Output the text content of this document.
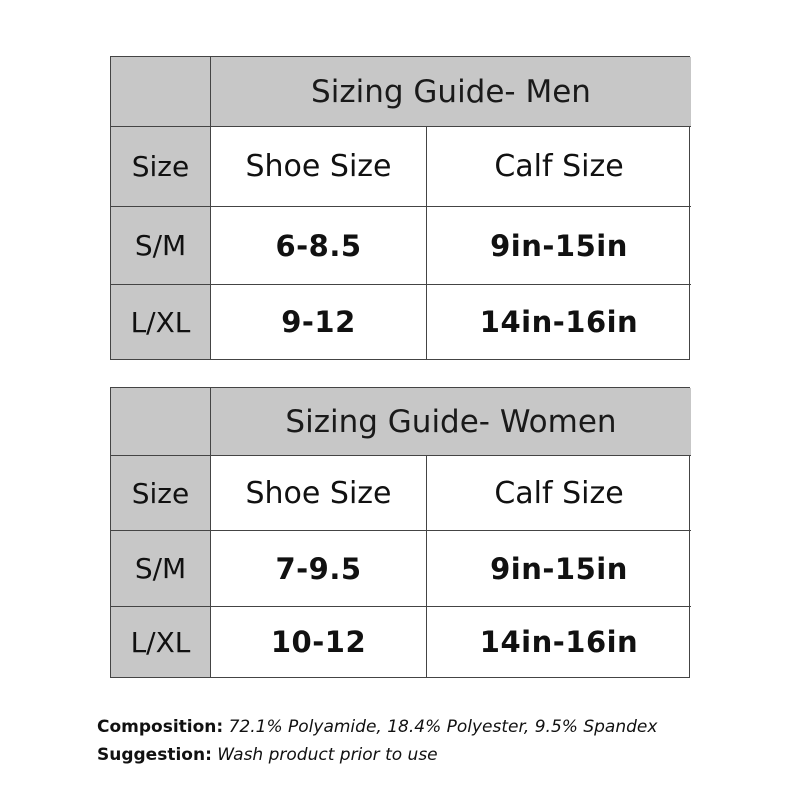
Sizing Guide- Men
Size	Shoe Size	Calf Size
S/M	6-8.5	9in-15in
L/XL	9-12	14in-16in
Sizing Guide- Women
Size	Shoe Size	Calf Size
S/M	7-9.5	9in-15in
L/XL	10-12	14in-16in
Composition: 72.1% Polyamide, 18.4% Polyester, 9.5% Spandex
Suggestion: Wash product prior to use
